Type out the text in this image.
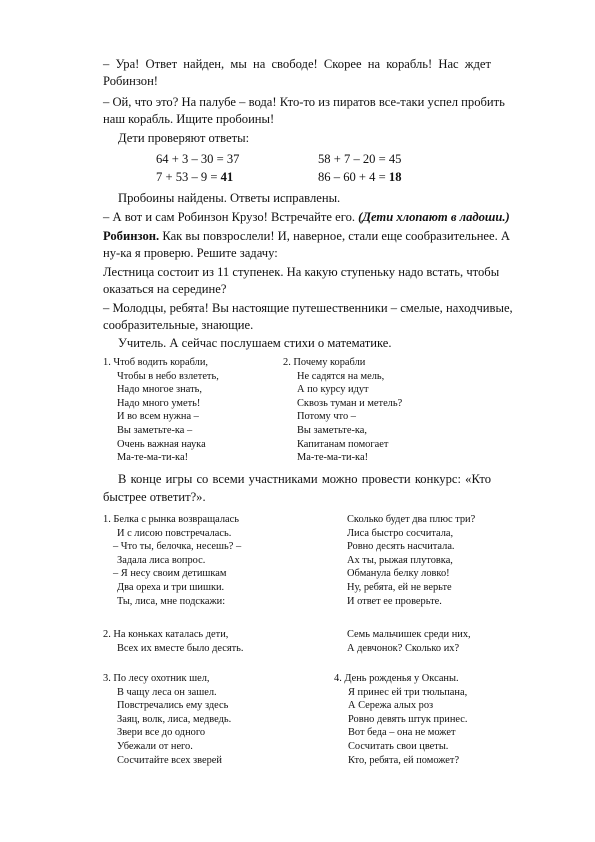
– Ура! Ответ найден, мы на свободе! Скорее на корабль! Нас ждет
Робинзон!
– Ой, что это? На палубе – вода! Кто-то из пиратов все-таки успел пробить
наш корабль. Ищите пробоины!
Дети проверяют ответы:
64 + 3 – 30 = 37	58 + 7 – 20 = 45
7 + 53 – 9 = 41	86 – 60 + 4 = 18
Пробоины найдены. Ответы исправлены.
– А вот и сам Робинзон Крузо! Встречайте его. (Дети хлопают в ладоши.)
Робинзон. Как вы повзрослели! И, наверное, стали еще сообразительнее. А
ну-ка я проверю. Решите задачу:
Лестница состоит из 11 ступенек. На какую ступеньку надо встать, чтобы
оказаться на середине?
– Молодцы, ребята! Вы настоящие путешественники – смелые, находчивые,
сообразительные, знающие.
Учитель. А сейчас послушаем стихи о математике.
1. Чтоб водить корабли,
Чтобы в небо взлететь,
Надо многое знать,
Надо много уметь!
И во всем нужна –
Вы заметьте-ка –
Очень важная наука
Ма-те-ма-ти-ка!
2. Почему корабли
Не садятся на мель,
А по курсу идут
Сквозь туман и метель?
Потому что –
Вы заметьте-ка,
Капитанам помогает
Ма-те-ма-ти-ка!
В конце игры со всеми участниками можно провести конкурс: «Кто
быстрее ответит?».
1. Белка с рынка возвращалась
И с лисою повстречалась.
– Что ты, белочка, несешь? –
Задала лиса вопрос.
– Я несу своим детишкам
Два ореха и три шишки.
Ты, лиса, мне подскажи:
Сколько будет два плюс три?
Лиса быстро сосчитала,
Ровно десять насчитала.
Ах ты, рыжая плутовка,
Обманула белку ловко!
Ну, ребята, ей не верьте
И ответ ее проверьте.
2. На коньках каталась дети,
Всех их вместе было десять.
Семь мальчишек среди них,
А девчонок? Сколько их?
3. По лесу охотник шел,
В чащу леса он зашел.
Повстречались ему здесь
Заяц, волк, лиса, медведь.
Звери все до одного
Убежали от него.
Сосчитайте всех зверей
4. День рожденья у Оксаны.
Я принес ей три тюльпана,
А Сережа алых роз
Ровно девять штук принес.
Вот беда – она не может
Сосчитать свои цветы.
Кто, ребята, ей поможет?
